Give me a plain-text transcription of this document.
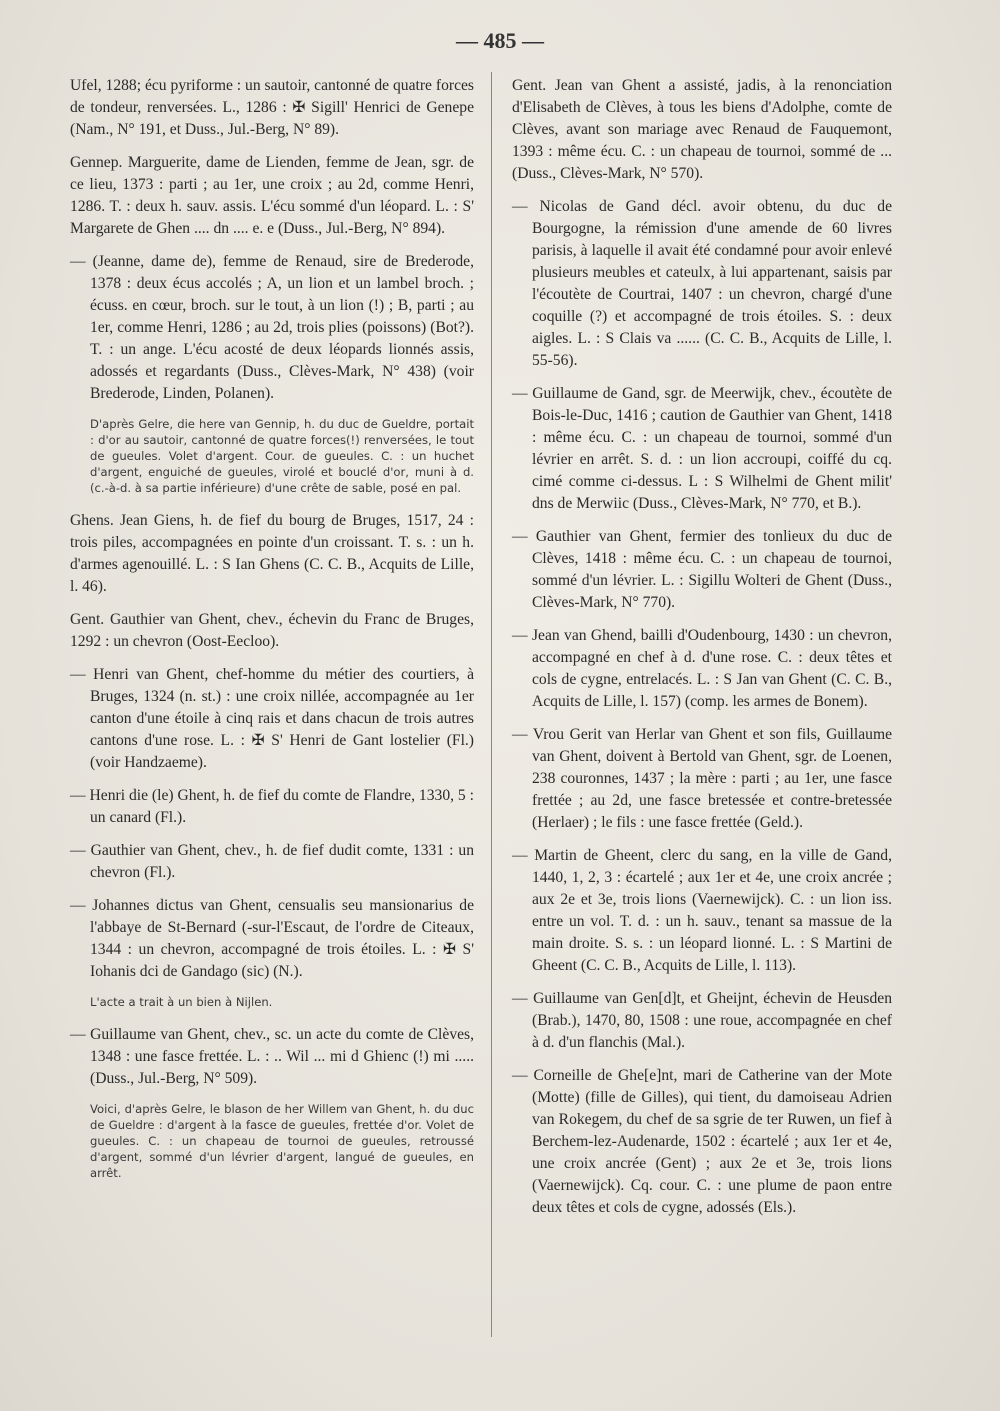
— 485 —

Ufel, 1288; écu pyriforme : un sautoir, cantonné de quatre forces de tondeur, renversées. L., 1286 : ✠ Sigill' Henrici de Genepe (Nam., N° 191, et Duss., Jul.-Berg, N° 89).

Gennep. Marguerite, dame de Lienden, femme de Jean, sgr. de ce lieu, 1373 : parti ; au 1er, une croix ; au 2d, comme Henri, 1286. T. : deux h. sauv. assis. L'écu sommé d'un léopard. L. : S' Margarete de Ghen .... dn .... e. e (Duss., Jul.-Berg, N° 894).

— (Jeanne, dame de), femme de Renaud, sire de Brederode, 1378 : deux écus accolés ; A, un lion et un lambel broch. ; écuss. en cœur, broch. sur le tout, à un lion (!) ; B, parti ; au 1er, comme Henri, 1286 ; au 2d, trois plies (poissons) (Bot?). T. : un ange. L'écu acosté de deux léopards lionnés assis, adossés et regardants (Duss., Clèves-Mark, N° 438) (voir Brederode, Linden, Polanen).

D'après Gelre, die here van Gennip, h. du duc de Gueldre, portait : d'or au sautoir, cantonné de quatre forces(!) renversées, le tout de gueules. Volet d'argent. Cour. de gueules. C. : un huchet d'argent, enguiché de gueules, virolé et bouclé d'or, muni à d. (c.-à-d. à sa partie inférieure) d'une crête de sable, posé en pal.

Ghens. Jean Giens, h. de fief du bourg de Bruges, 1517, 24 : trois piles, accompagnées en pointe d'un croissant. T. s. : un h. d'armes agenouillé. L. : S Ian Ghens (C. C. B., Acquits de Lille, l. 46).

Gent. Gauthier van Ghent, chev., échevin du Franc de Bruges, 1292 : un chevron (Oost-Eecloo).

— Henri van Ghent, chef-homme du métier des courtiers, à Bruges, 1324 (n. st.) : une croix nillée, accompagnée au 1er canton d'une étoile à cinq rais et dans chacun de trois autres cantons d'une rose. L. : ✠ S' Henri de Gant lostelier (Fl.) (voir Handzaeme).

— Henri die (le) Ghent, h. de fief du comte de Flandre, 1330, 5 : un canard (Fl.).

— Gauthier van Ghent, chev., h. de fief dudit comte, 1331 : un chevron (Fl.).

— Johannes dictus van Ghent, censualis seu mansionarius de l'abbaye de St-Bernard (-sur-l'Escaut, de l'ordre de Citeaux, 1344 : un chevron, accompagné de trois étoiles. L. : ✠ S' Iohanis dci de Gandago (sic) (N.).

L'acte a trait à un bien à Nijlen.

— Guillaume van Ghent, chev., sc. un acte du comte de Clèves, 1348 : une fasce frettée. L. : .. Wil ... mi d Ghienc (!) mi ..... (Duss., Jul.-Berg, N° 509).

Voici, d'après Gelre, le blason de her Willem van Ghent, h. du duc de Gueldre : d'argent à la fasce de gueules, frettée d'or. Volet de gueules. C. : un chapeau de tournoi de gueules, retroussé d'argent, sommé d'un lévrier d'argent, langué de gueules, en arrêt.

Gent. Jean van Ghent a assisté, jadis, à la renonciation d'Elisabeth de Clèves, à tous les biens d'Adolphe, comte de Clèves, avant son mariage avec Renaud de Fauquemont, 1393 : même écu. C. : un chapeau de tournoi, sommé de ... (Duss., Clèves-Mark, N° 570).

— Nicolas de Gand décl. avoir obtenu, du duc de Bourgogne, la rémission d'une amende de 60 livres parisis, à laquelle il avait été condamné pour avoir enlevé plusieurs meubles et cateulx, à lui appartenant, saisis par l'écoutète de Courtrai, 1407 : un chevron, chargé d'une coquille (?) et accompagné de trois étoiles. S. : deux aigles. L. : S Clais va ...... (C. C. B., Acquits de Lille, l. 55-56).

— Guillaume de Gand, sgr. de Meerwijk, chev., écoutète de Bois-le-Duc, 1416 ; caution de Gauthier van Ghent, 1418 : même écu. C. : un chapeau de tournoi, sommé d'un lévrier en arrêt. S. d. : un lion accroupi, coiffé du cq. cimé comme ci-dessus. L : S Wilhelmi de Ghent milit' dns de Merwiic (Duss., Clèves-Mark, N° 770, et B.).

— Gauthier van Ghent, fermier des tonlieux du duc de Clèves, 1418 : même écu. C. : un chapeau de tournoi, sommé d'un lévrier. L. : Sigillu Wolteri de Ghent (Duss., Clèves-Mark, N° 770).

— Jean van Ghend, bailli d'Oudenbourg, 1430 : un chevron, accompagné en chef à d. d'une rose. C. : deux têtes et cols de cygne, entrelacés. L. : S Jan van Ghent (C. C. B., Acquits de Lille, l. 157) (comp. les armes de Bonem).

— Vrou Gerit van Herlar van Ghent et son fils, Guillaume van Ghent, doivent à Bertold van Ghent, sgr. de Loenen, 238 couronnes, 1437 ; la mère : parti ; au 1er, une fasce frettée ; au 2d, une fasce bretessée et contre-bretessée (Herlaer) ; le fils : une fasce frettée (Geld.).

— Martin de Gheent, clerc du sang, en la ville de Gand, 1440, 1, 2, 3 : écartelé ; aux 1er et 4e, une croix ancrée ; aux 2e et 3e, trois lions (Vaernewijck). C. : un lion iss. entre un vol. T. d. : un h. sauv., tenant sa massue de la main droite. S. s. : un léopard lionné. L. : S Martini de Gheent (C. C. B., Acquits de Lille, l. 113).

— Guillaume van Gen[d]t, et Gheijnt, échevin de Heusden (Brab.), 1470, 80, 1508 : une roue, accompagnée en chef à d. d'un flanchis (Mal.).

— Corneille de Ghe[e]nt, mari de Catherine van der Mote (Motte) (fille de Gilles), qui tient, du damoiseau Adrien van Rokegem, du chef de sa sgrie de ter Ruwen, un fief à Berchem-lez-Audenarde, 1502 : écartelé ; aux 1er et 4e, une croix ancrée (Gent) ; aux 2e et 3e, trois lions (Vaernewijck). Cq. cour. C. : une plume de paon entre deux têtes et cols de cygne, adossés (Els.).
